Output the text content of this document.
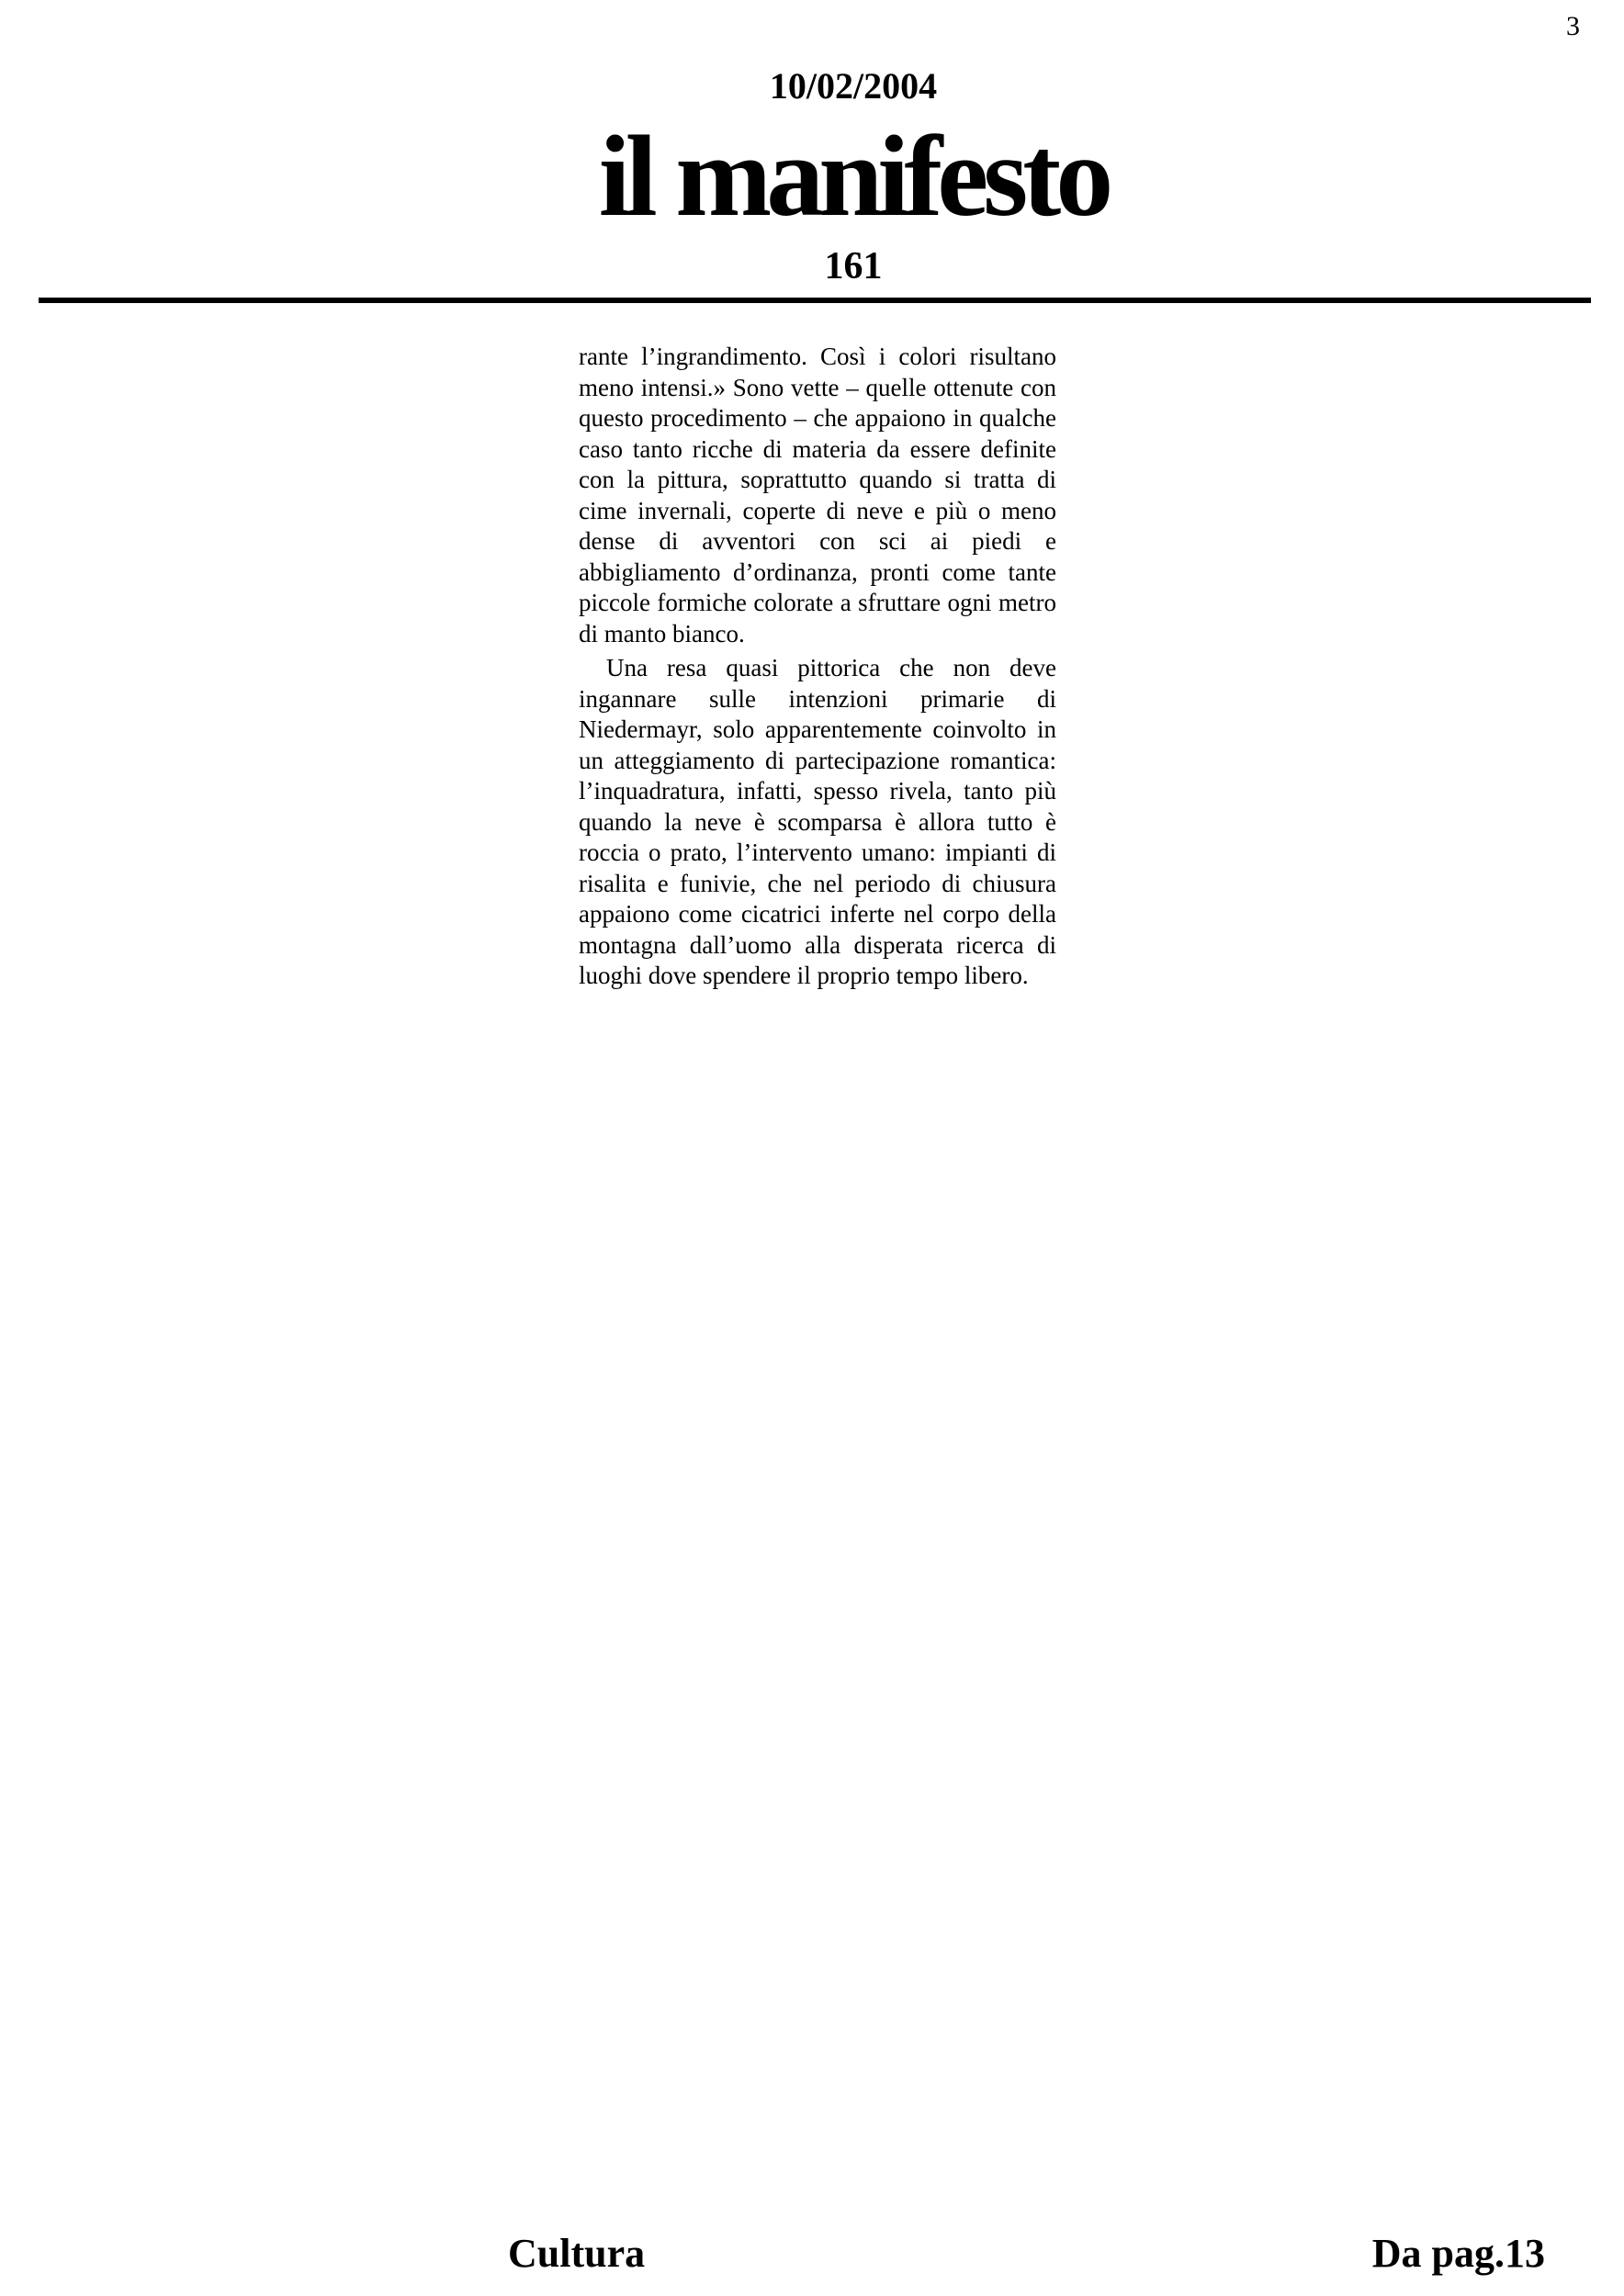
3
10/02/2004
il manifesto
161

rante l’ingrandimento. Così i colori risultano meno intensi.» Sono vette – quelle ottenute con questo procedimento – che appaiono in qualche caso tanto ricche di materia da essere definite con la pittura, soprattutto quando si tratta di cime invernali, coperte di neve e più o meno dense di avventori con sci ai piedi e abbigliamento d’ordinanza, pronti come tante piccole formiche colorate a sfruttare ogni metro di manto bianco.

Una resa quasi pittorica che non deve ingannare sulle intenzioni primarie di Niedermayr, solo apparentemente coinvolto in un atteggiamento di partecipazione romantica: l’inquadratura, infatti, spesso rivela, tanto più quando la neve è scomparsa è allora tutto è roccia o prato, l’intervento umano: impianti di risalita e funivie, che nel periodo di chiusura appaiono come cicatrici inferte nel corpo della montagna dall’uomo alla disperata ricerca di luoghi dove spendere il proprio tempo libero.

Cultura	Da pag.13
